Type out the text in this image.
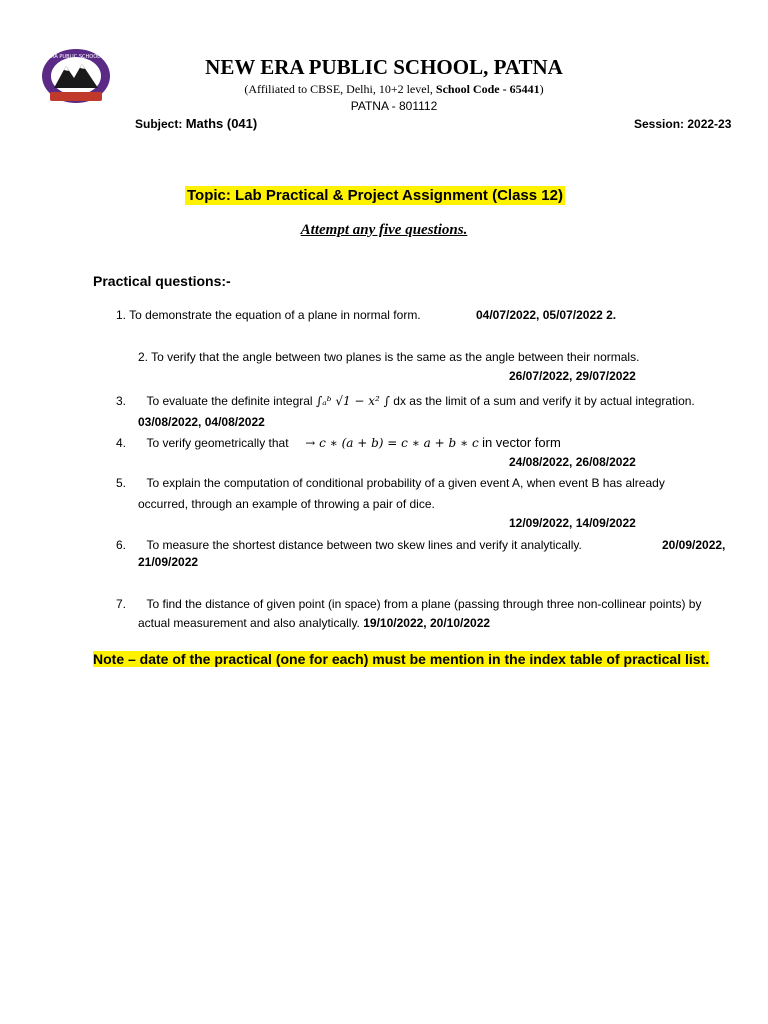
NEW ERA PUBLIC SCHOOL PATNA	NEW ERA PUBLIC SCHOOL, PATNA
(Affiliated to CBSE, Delhi, 10+2 level, School Code - 65441)
PATNA - 801112
Subject: Maths (041)	Session: 2022-23
Topic: Lab Practical & Project Assignment (Class 12)
Attempt any five questions.
Practical questions:-
1. To demonstrate the equation of a plane in normal form.	04/07/2022, 05/07/2022 2.
2. To verify that the angle between two planes is the same as the angle between their normals.
26/07/2022, 29/07/2022
3. To evaluate the definite integral ∫ₐᵇ √1 − x² ∫ dx as the limit of a sum and verify it by actual integration.
03/08/2022, 04/08/2022
4. To verify geometrically that → c ∗ (a + b) = c ∗ a + b ∗ c in vector form
24/08/2022, 26/08/2022
5. To explain the computation of conditional probability of a given event A, when event B has already
occurred, through an example of throwing a pair of dice.
12/09/2022, 14/09/2022
6. To measure the shortest distance between two skew lines and verify it analytically.	20/09/2022,
21/09/2022
7. To find the distance of given point (in space) from a plane (passing through three non-collinear points) by
actual measurement and also analytically. 19/10/2022, 20/10/2022
Note – date of the practical (one for each) must be mention in the index table of practical list.
